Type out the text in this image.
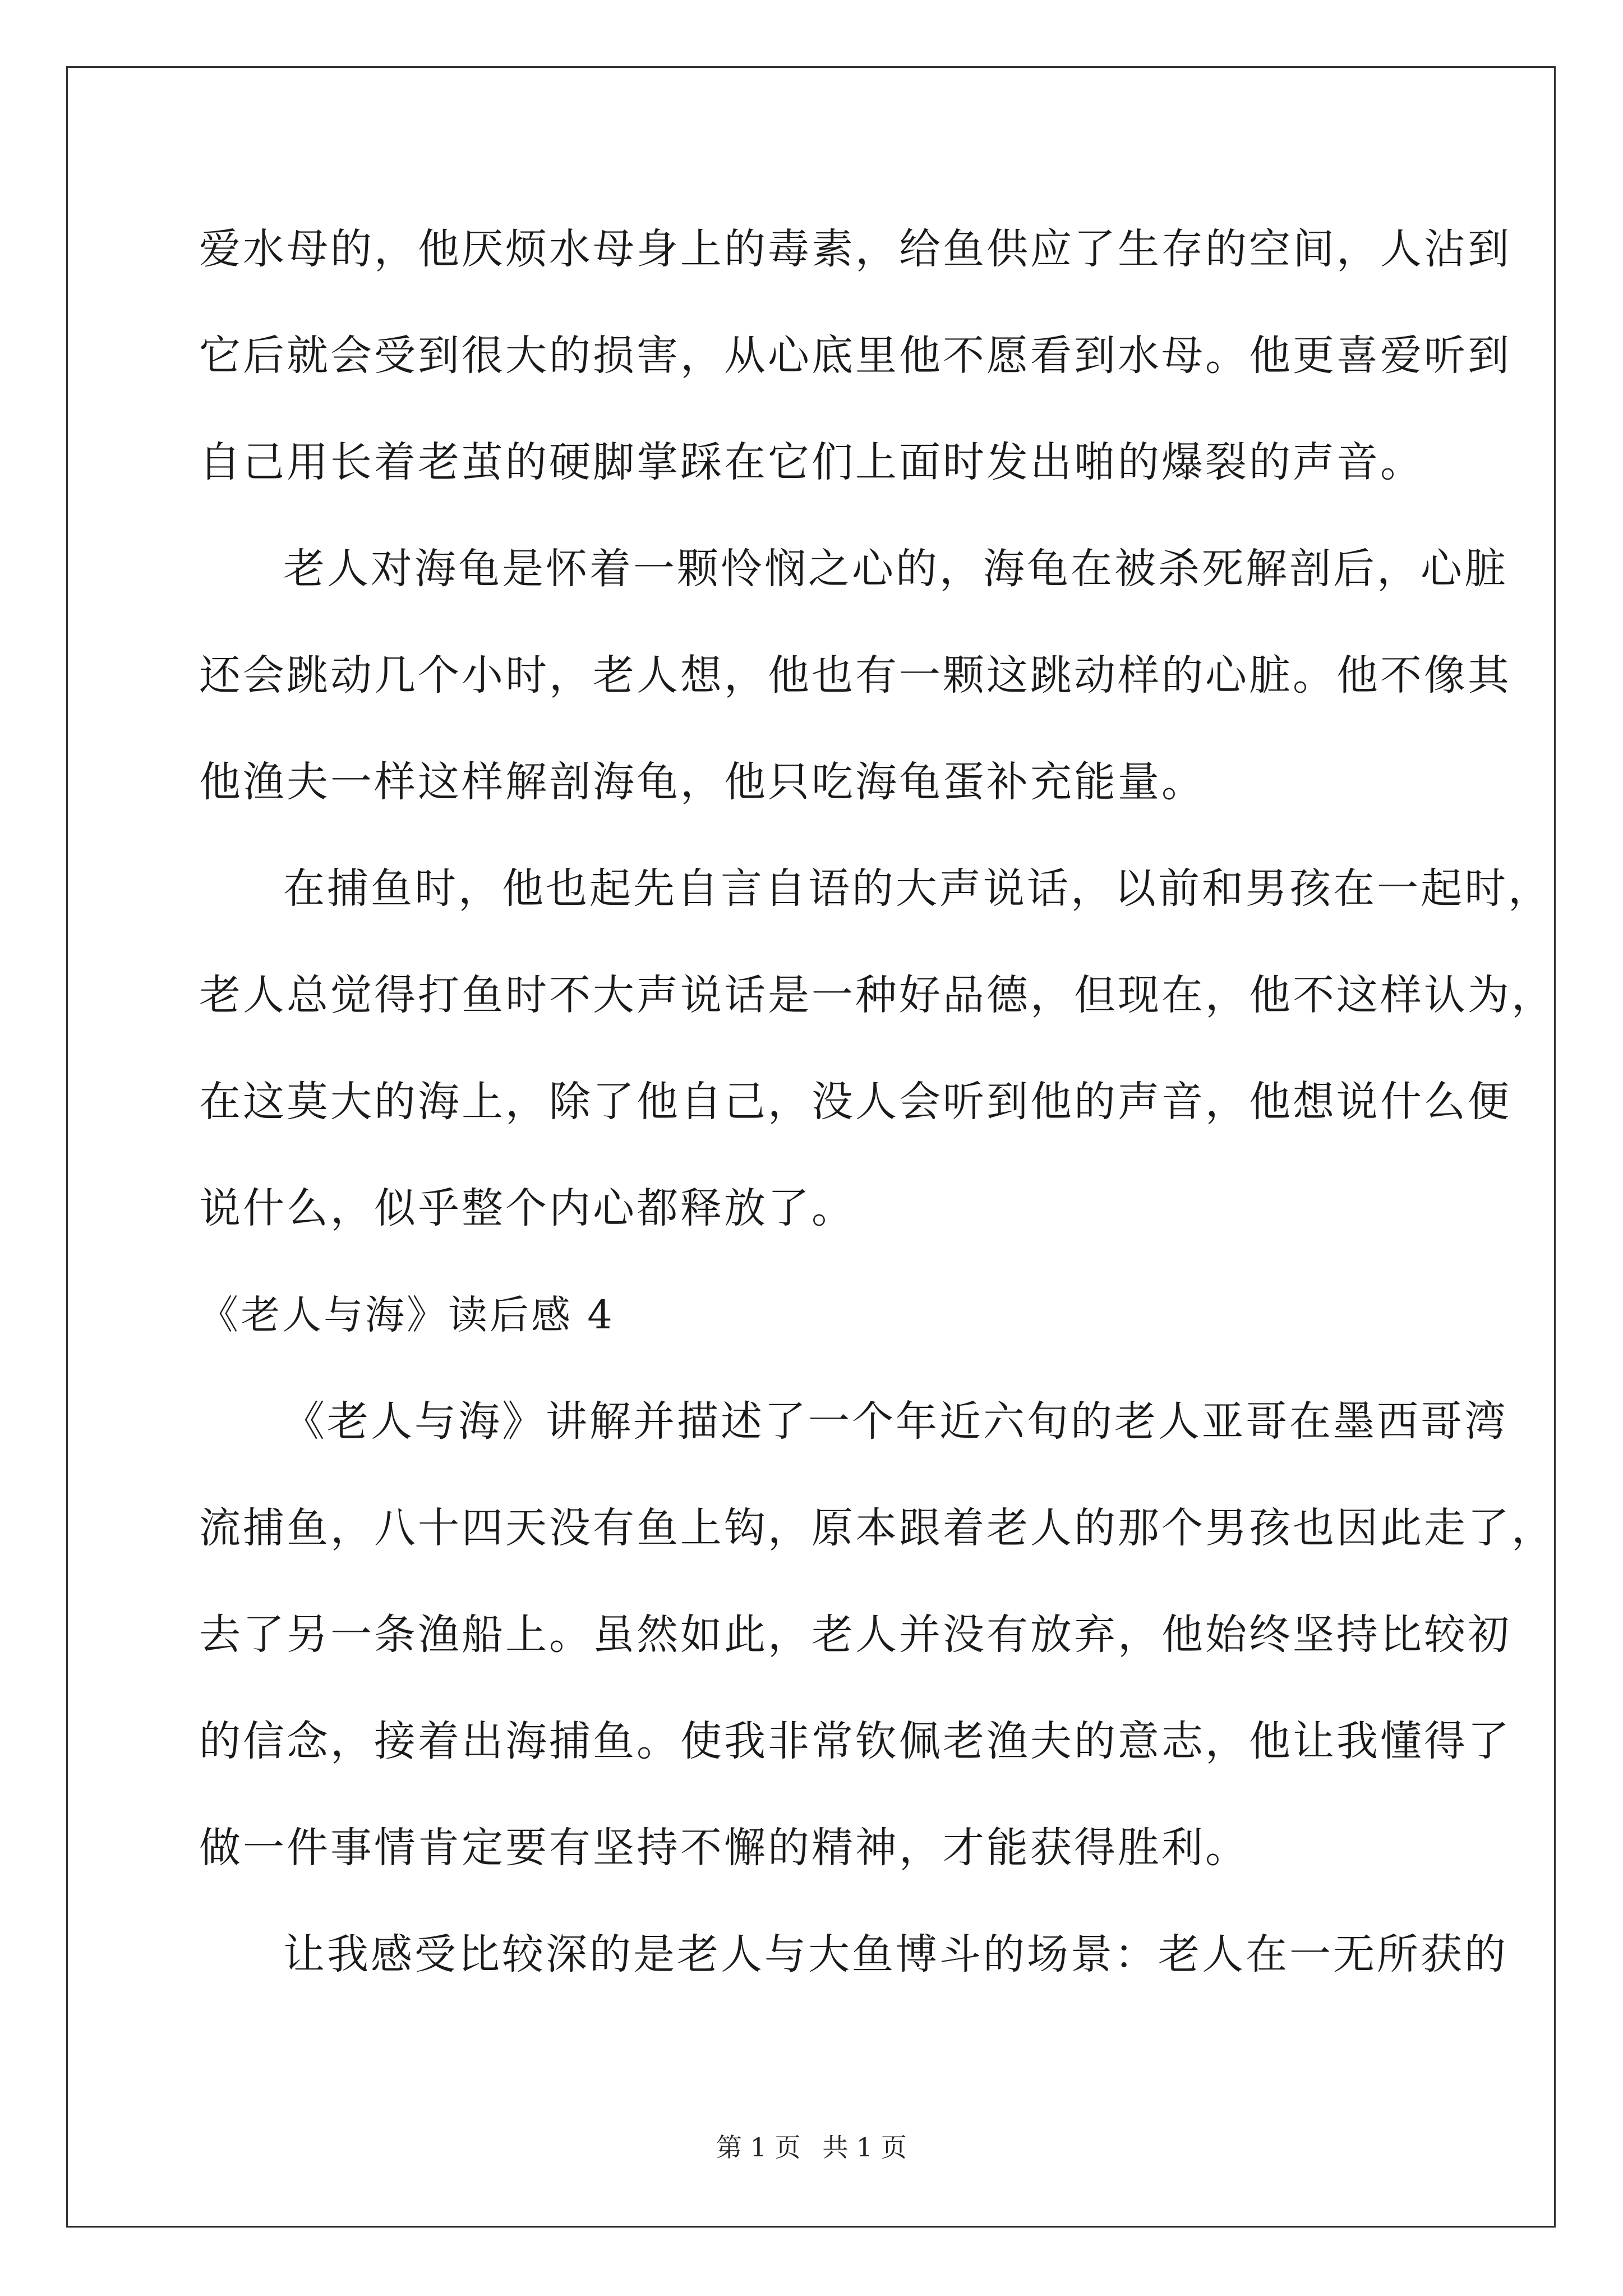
爱水母的，他厌烦水母身上的毒素，给鱼供应了生存的空间，人沾到
它后就会受到很大的损害，从心底里他不愿看到水母。他更喜爱听到
自己用长着老茧的硬脚掌踩在它们上面时发出啪的爆裂的声音。
老人对海龟是怀着一颗怜悯之心的，海龟在被杀死解剖后，心脏
还会跳动几个小时，老人想，他也有一颗这跳动样的心脏。他不像其
他渔夫一样这样解剖海龟，他只吃海龟蛋补充能量。
在捕鱼时，他也起先自言自语的大声说话，以前和男孩在一起时，
老人总觉得打鱼时不大声说话是一种好品德，但现在，他不这样认为，
在这莫大的海上，除了他自己，没人会听到他的声音，他想说什么便
说什么，似乎整个内心都释放了。
《老人与海》读后感 4
《老人与海》讲解并描述了一个年近六旬的老人亚哥在墨西哥湾
流捕鱼，八十四天没有鱼上钩，原本跟着老人的那个男孩也因此走了，
去了另一条渔船上。虽然如此，老人并没有放弃，他始终坚持比较初
的信念，接着出海捕鱼。使我非常钦佩老渔夫的意志，他让我懂得了
做一件事情肯定要有坚持不懈的精神，才能获得胜利。
让我感受比较深的是老人与大鱼博斗的场景：老人在一无所获的
第 1 页 共 1 页
